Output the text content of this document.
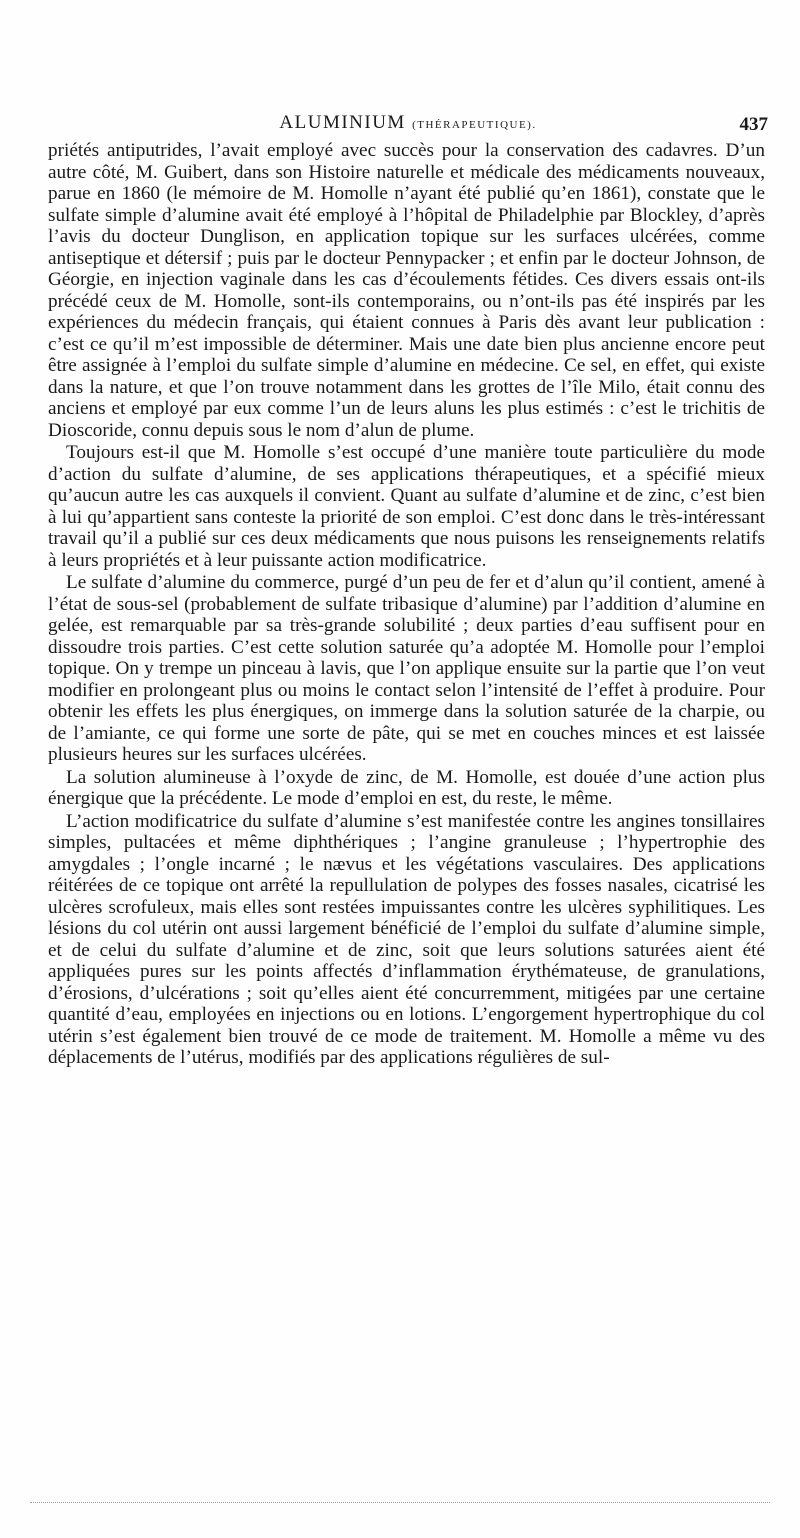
ALUMINIUM (THÉRAPEUTIQUE).	437

priétés antiputrides, l’avait employé avec succès pour la conservation des cadavres. D’un autre côté, M. Guibert, dans son Histoire naturelle et médicale des médicaments nouveaux, parue en 1860 (le mémoire de M. Homolle n’ayant été publié qu’en 1861), constate que le sulfate simple d’alumine avait été employé à l’hôpital de Philadelphie par Blockley, d’après l’avis du docteur Dunglison, en application topique sur les surfaces ulcérées, comme antiseptique et détersif ; puis par le docteur Pennypacker ; et enfin par le docteur Johnson, de Géorgie, en injection vaginale dans les cas d’écoulements fétides. Ces divers essais ont-ils précédé ceux de M. Homolle, sont-ils contemporains, ou n’ont-ils pas été inspirés par les expériences du médecin français, qui étaient connues à Paris dès avant leur publication : c’est ce qu’il m’est impossible de déterminer. Mais une date bien plus ancienne encore peut être assignée à l’emploi du sulfate simple d’alumine en médecine. Ce sel, en effet, qui existe dans la nature, et que l’on trouve notamment dans les grottes de l’île Milo, était connu des anciens et employé par eux comme l’un de leurs aluns les plus estimés : c’est le trichitis de Dioscoride, connu depuis sous le nom d’alun de plume.

Toujours est-il que M. Homolle s’est occupé d’une manière toute particulière du mode d’action du sulfate d’alumine, de ses applications thérapeutiques, et a spécifié mieux qu’aucun autre les cas auxquels il convient. Quant au sulfate d’alumine et de zinc, c’est bien à lui qu’appartient sans conteste la priorité de son emploi. C’est donc dans le très-intéressant travail qu’il a publié sur ces deux médicaments que nous puisons les renseignements relatifs à leurs propriétés et à leur puissante action modificatrice.

Le sulfate d’alumine du commerce, purgé d’un peu de fer et d’alun qu’il contient, amené à l’état de sous-sel (probablement de sulfate tribasique d’alumine) par l’addition d’alumine en gelée, est remarquable par sa très-grande solubilité ; deux parties d’eau suffisent pour en dissoudre trois parties. C’est cette solution saturée qu’a adoptée M. Homolle pour l’emploi topique. On y trempe un pinceau à lavis, que l’on applique ensuite sur la partie que l’on veut modifier en prolongeant plus ou moins le contact selon l’intensité de l’effet à produire. Pour obtenir les effets les plus énergiques, on immerge dans la solution saturée de la charpie, ou de l’amiante, ce qui forme une sorte de pâte, qui se met en couches minces et est laissée plusieurs heures sur les surfaces ulcérées.

La solution alumineuse à l’oxyde de zinc, de M. Homolle, est douée d’une action plus énergique que la précédente. Le mode d’emploi en est, du reste, le même.

L’action modificatrice du sulfate d’alumine s’est manifestée contre les angines tonsillaires simples, pultacées et même diphthériques ; l’angine granuleuse ; l’hypertrophie des amygdales ; l’ongle incarné ; le nævus et les végétations vasculaires. Des applications réitérées de ce topique ont arrêté la repullulation de polypes des fosses nasales, cicatrisé les ulcères scrofuleux, mais elles sont restées impuissantes contre les ulcères syphilitiques. Les lésions du col utérin ont aussi largement bénéficié de l’emploi du sulfate d’alumine simple, et de celui du sulfate d’alumine et de zinc, soit que leurs solutions saturées aient été appliquées pures sur les points affectés d’inflammation érythémateuse, de granulations, d’érosions, d’ulcérations ; soit qu’elles aient été concurremment, mitigées par une certaine quantité d’eau, employées en injections ou en lotions. L’engorgement hypertrophique du col utérin s’est également bien trouvé de ce mode de traitement. M. Homolle a même vu des déplacements de l’utérus, modifiés par des applications régulières de sul-
